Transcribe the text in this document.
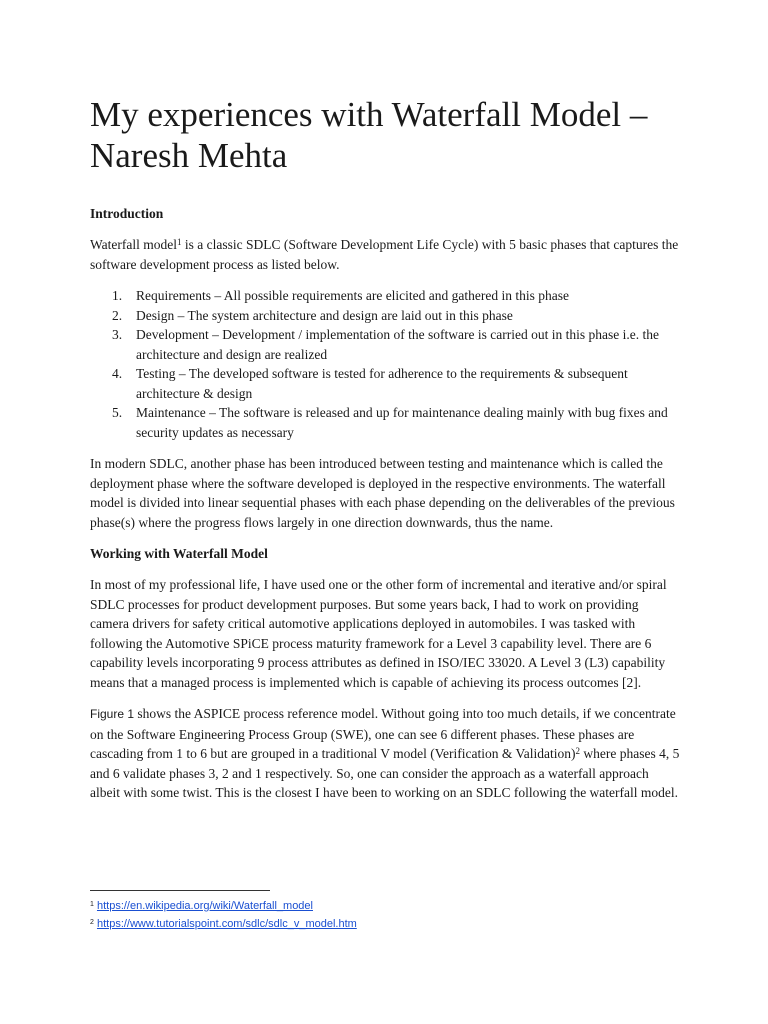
My experiences with Waterfall Model – Naresh Mehta
Introduction

Waterfall model$^1$ is a classic SDLC (Software Development Life Cycle) with 5 basic phases that captures the software development process as listed below.

1. Requirements – All possible requirements are elicited and gathered in this phase
2. Design – The system architecture and design are laid out in this phase
3. Development – Development / implementation of the software is carried out in this phase i.e. the architecture and design are realized
4. Testing – The developed software is tested for adherence to the requirements & subsequent architecture & design
5. Maintenance – The software is released and up for maintenance dealing mainly with bug fixes and security updates as necessary

In modern SDLC, another phase has been introduced between testing and maintenance which is called the deployment phase where the software developed is deployed in the respective environments. The waterfall model is divided into linear sequential phases with each phase depending on the deliverables of the previous phase(s) where the progress flows largely in one direction downwards, thus the name.

Working with Waterfall Model

In most of my professional life, I have used one or the other form of incremental and iterative and/or spiral SDLC processes for product development purposes. But some years back, I had to work on providing camera drivers for safety critical automotive applications deployed in automobiles. I was tasked with following the Automotive SPiCE process maturity framework for a Level 3 capability level. There are 6 capability levels incorporating 9 process attributes as defined in ISO/IEC 33020. A Level 3 (L3) capability means that a managed process is implemented which is capable of achieving its process outcomes [2].

Figure 1 shows the ASPICE process reference model. Without going into too much details, if we concentrate on the Software Engineering Process Group (SWE), one can see 6 different phases. These phases are cascading from 1 to 6 but are grouped in a traditional V model (Verification & Validation)$^2$ where phases 4, 5 and 6 validate phases 3, 2 and 1 respectively. So, one can consider the approach as a waterfall approach albeit with some twist. This is the closest I have been to working on an SDLC following the waterfall model.

$^1$ https://en.wikipedia.org/wiki/Waterfall_model
$^2$ https://www.tutorialspoint.com/sdlc/sdlc_v_model.htm
